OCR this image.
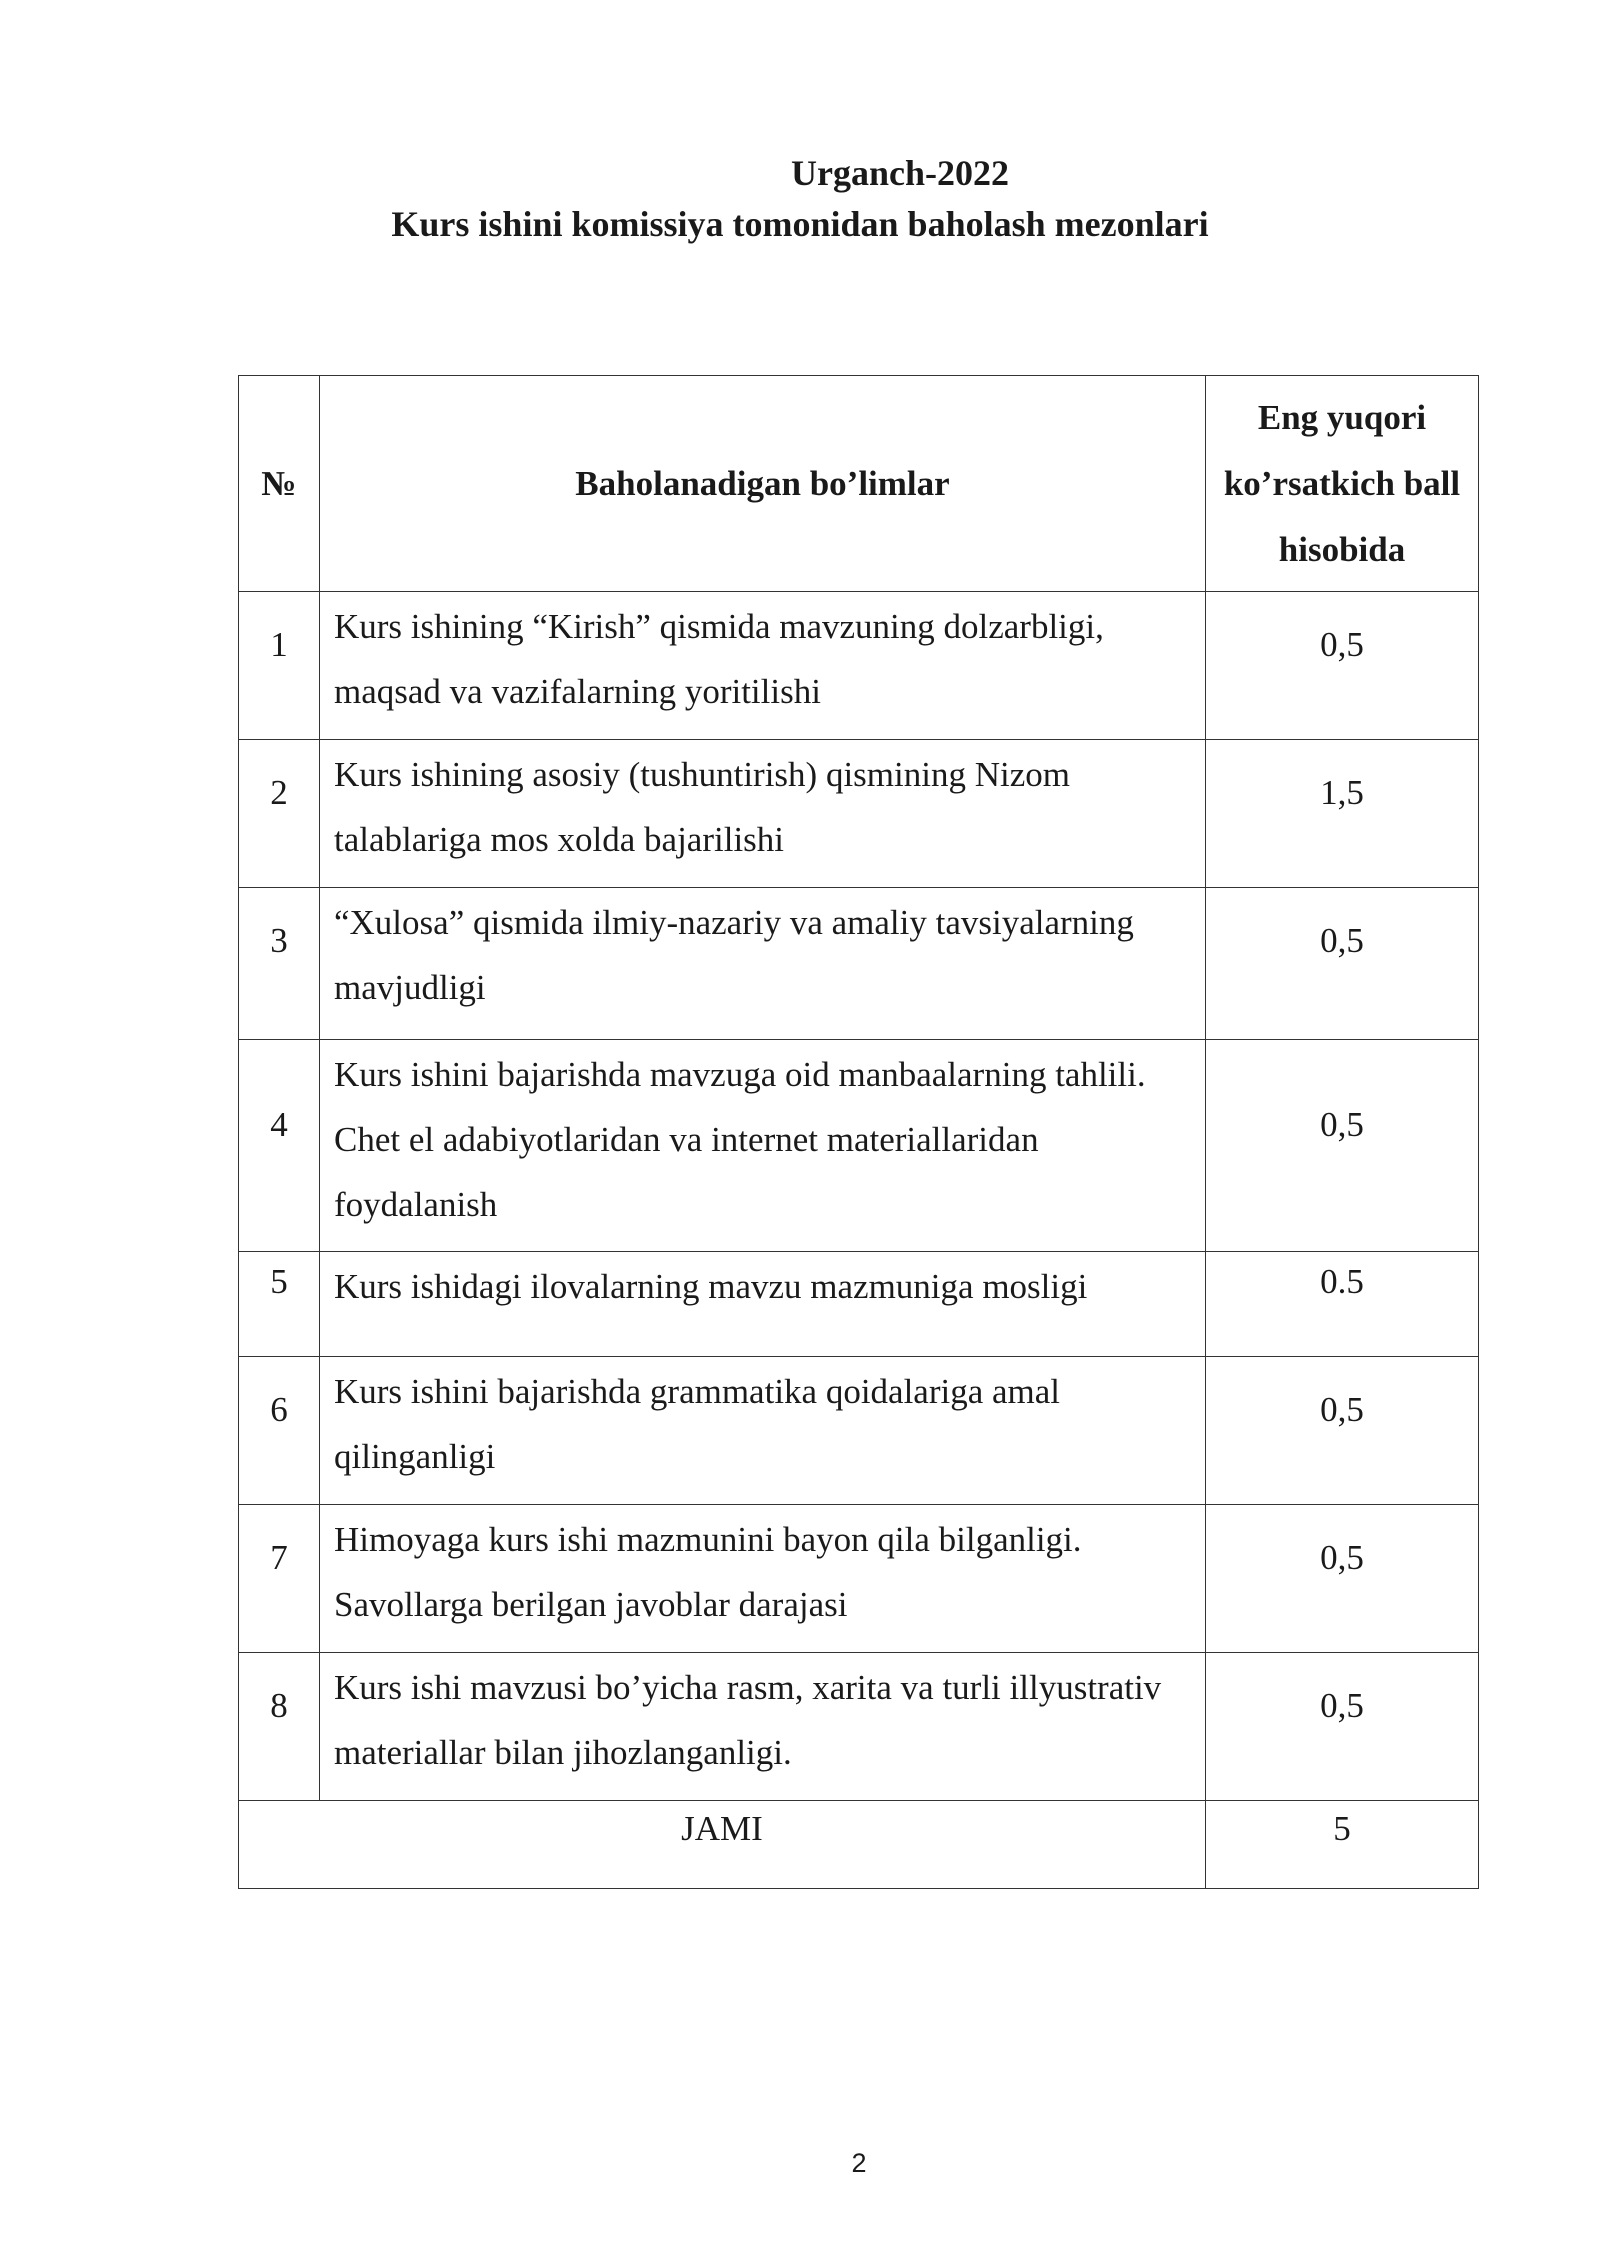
Urganch-2022
Kurs ishini komissiya tomonidan baholash mezonlari
№	Baholanadigan bo’limlar	Eng yuqori ko’rsatkich ball hisobida

1	Kurs ishining “Kirish” qismida mavzuning dolzarbligi, maqsad va vazifalarning yoritilishi	0,5

2	Kurs ishining asosiy (tushuntirish) qismining Nizom talablariga mos xolda bajarilishi	1,5

3	“Xulosa” qismida ilmiy-nazariy va amaliy tavsiyalarning mavjudligi	0,5

4	Kurs ishini bajarishda mavzuga oid manbaalarning tahlili. Chet el adabiyotlaridan va internet materiallaridan foydalanish	0,5

5	Kurs ishidagi ilovalarning mavzu mazmuniga mosligi	0.5

6	Kurs ishini bajarishda grammatika qoidalariga amal qilinganligi	0,5

7	Himoyaga kurs ishi mazmunini bayon qila bilganligi. Savollarga berilgan javoblar darajasi	0,5

8	Kurs ishi mavzusi bo’yicha rasm, xarita va turli illyustrativ materiallar bilan jihozlanganligi.	0,5

JAMI		5
2
